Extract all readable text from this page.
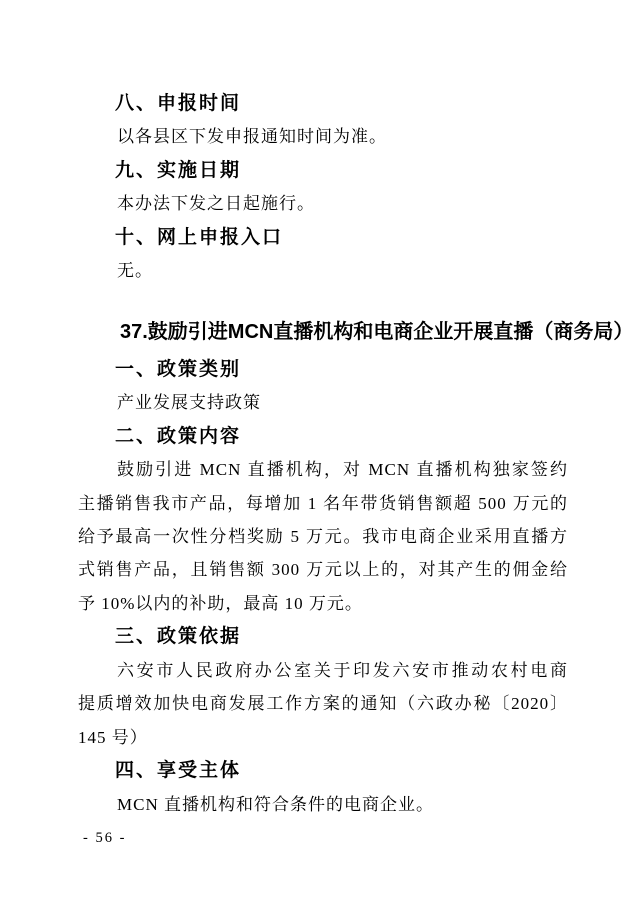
八、申报时间
以各县区下发申报通知时间为准。
九、实施日期
本办法下发之日起施行。
十、网上申报入口
无。
37.鼓励引进MCN直播机构和电商企业开展直播（商务局）
一、政策类别
产业发展支持政策
二、政策内容
鼓励引进 MCN 直播机构，对 MCN 直播机构独家签约
主播销售我市产品，每增加 1 名年带货销售额超 500 万元的
给予最高一次性分档奖励 5 万元。我市电商企业采用直播方
式销售产品，且销售额 300 万元以上的，对其产生的佣金给
予 10%以内的补助，最高 10 万元。
三、政策依据
六安市人民政府办公室关于印发六安市推动农村电商
提质增效加快电商发展工作方案的通知（六政办秘〔2020〕
145 号）
四、享受主体
MCN 直播机构和符合条件的电商企业。
- 56 -
